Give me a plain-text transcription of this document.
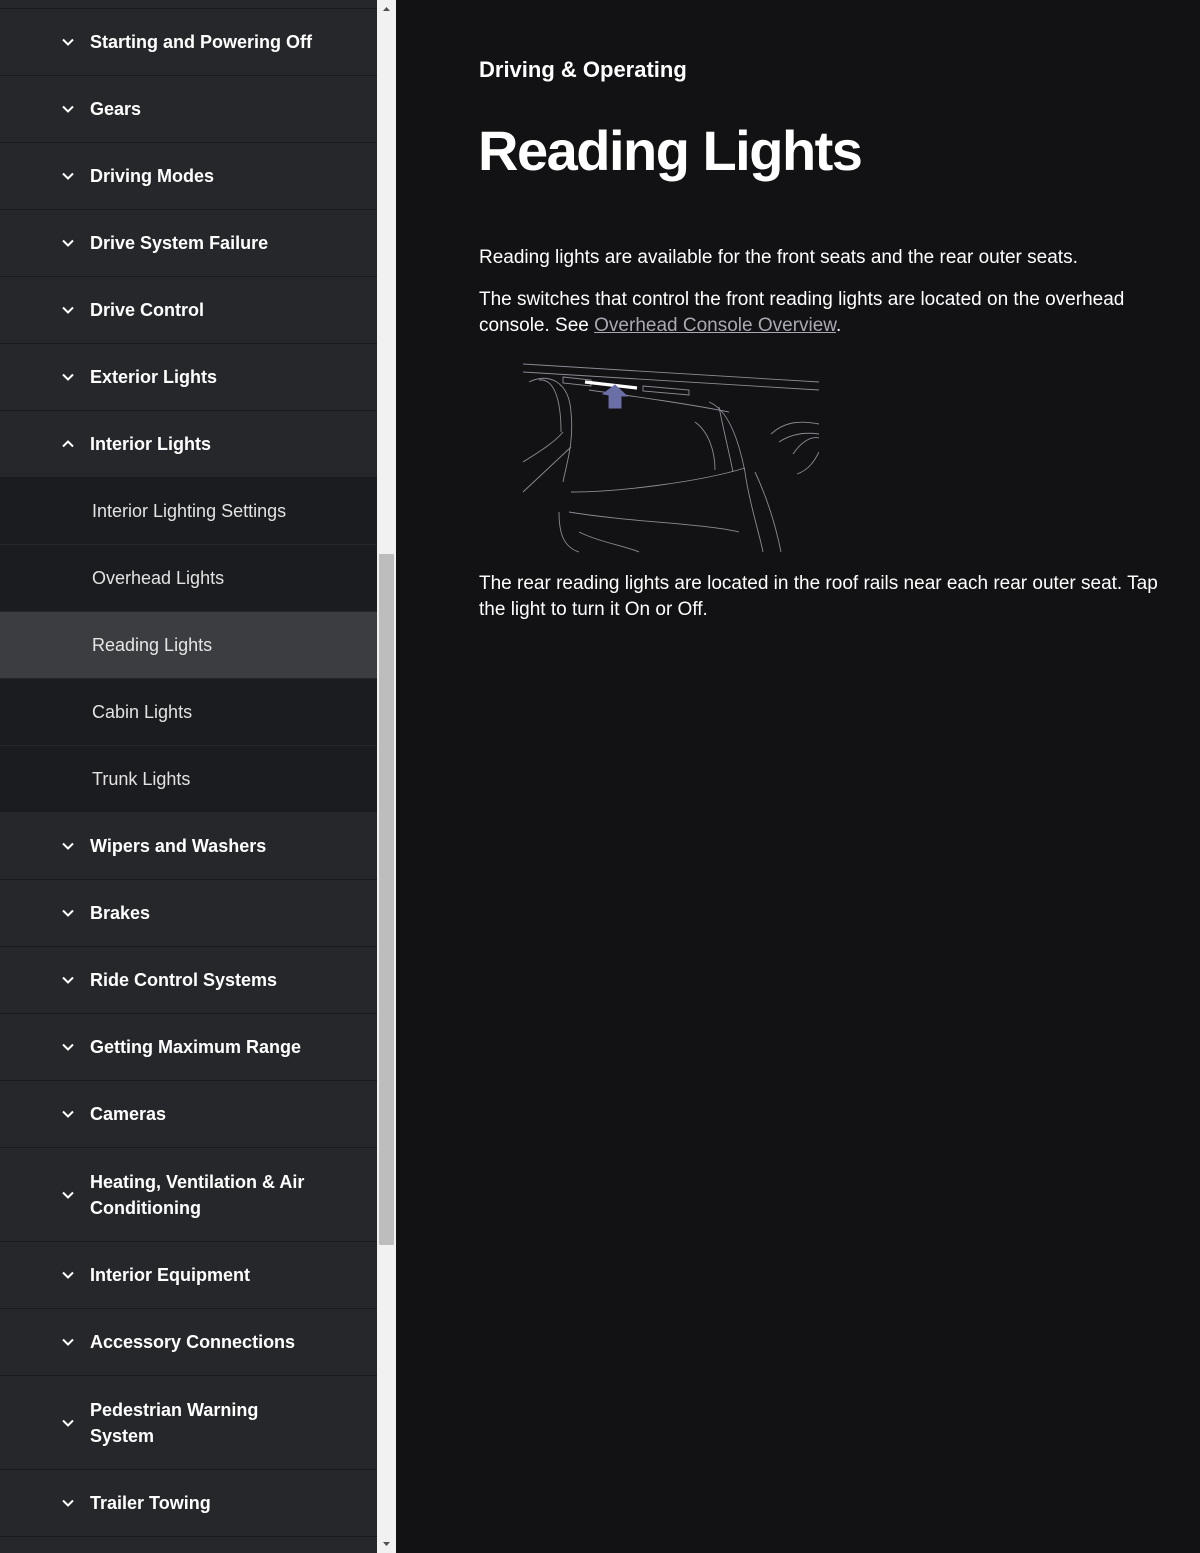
Starting and Powering Off
Gears
Driving Modes
Drive System Failure
Drive Control
Exterior Lights
Interior Lights
Interior Lighting Settings
Overhead Lights
Reading Lights
Cabin Lights
Trunk Lights
Wipers and Washers
Brakes
Ride Control Systems
Getting Maximum Range
Cameras
Heating, Ventilation & Air Conditioning
Interior Equipment
Accessory Connections
Pedestrian Warning System
Trailer Towing
Driving & Operating
Reading Lights

Reading lights are available for the front seats and the rear outer seats.

The switches that control the front reading lights are located on the overhead console. See Overhead Console Overview.

The rear reading lights are located in the roof rails near each rear outer seat. Tap the light to turn it On or Off.
